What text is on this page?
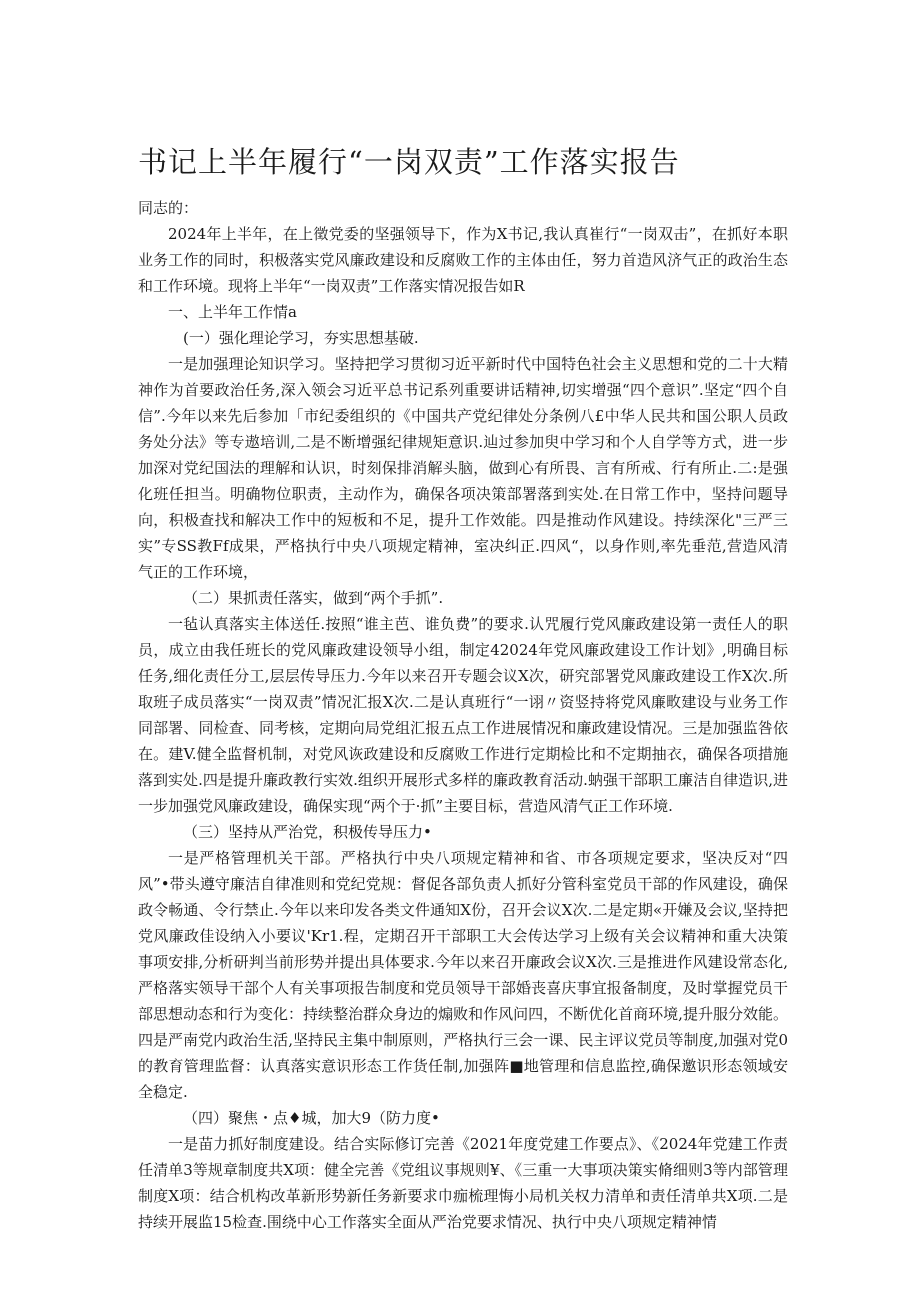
书记上半年履行“一岗双责”工作落实报告

同志的：

2024年上半年，在上徵党委的坚强领导下，作为X书记,我认真崔行“一岗双击”，在抓好本职业务工作的同时，积极落实党风廉政建设和反腐败工作的主体由任，努力首造风济气正的政治生态和工作环境。现将上半年“一岗双责”工作落实情况报告如R

一、上半年工作情a

(一）强化理论学习，夯实思想基破.

一是加强理论知识学习。坚持把学习贯彻习近平新时代中国特色社会主义思想和党的二十大精神作为首要政治任务,深入领会习近平总书记系列重要讲话精神,切实增强“四个意识”.坚定“四个自信”.今年以来先后参加「市纪委组织的《中国共产党纪律处分条例八£中华人民共和国公职人员政务处分法》等专遨培训,二是不断增强纪律规矩意识.辿过参加臾中学习和个人自学等方式，进一步加深对党纪国法的理解和认识，时刻保排消解头脑，做到心有所畏、言有所戒、行有所止.二:是强化班任担当。明确物位职责，主动作为，确保各项决策部署落到实处.在日常工作中，坚持问题导向，积极查找和解决工作中的短板和不足，提升工作效能。四是推动作风建设。持续深化"三严三实”专SS教Ff成果，严格执行中央八项规定精神，室决纠正.四风“，以身作则,率先垂范,营造风清气正的工作环境，

（二）果抓责任落实，做到“两个手抓”.

一毡认真落实主体送任.按照“谁主芭、谁负费”的要求.认咒履行党风廉政建设第一责任人的职员，成立由我任班长的党风廉政建设领导小组，制定42024年党风廉政建设工作计划》,明确目标任务,细化责任分工,层层传导压力.今年以来召开专题会议X次，研究部署党风廉政建设工作X次.所取班子成员落实“一岗双责”情况汇报X次.二是认真班行“一诩〃资竖持将党风廉畋建设与业务工作同部署、同检查、同考核，定期向局党组汇报五点工作进展情况和廉政建设情况。三是加强监咎依在。建V.健全监督机制，对党风诙政建设和反腐败工作进行定期检比和不定期抽衣，确保各项措施落到实处.四是提升廉政教行实效.组织开展形式多样的廉政教育活动.蚋强干部职工廉洁自律造识,进一步加强党风廉政建设，确保实现“两个于·抓”主要目标，营造风清气正工作环境.

（三）坚持从严治党，积极传导压力•

一是严格管理机关干部。严格执行中央八项规定精神和省、市各项规定要求，坚决反对“四风”•带头遵守廉洁自律准则和党纪党规：督促各部负责人抓好分管科室党员干部的作风建设，确保政令畅通、令行禁止.今年以来印发各类文件通知X份，召开会议X次.二是定期«开嫌及会议,坚持把党风廉政佳设纳入小要议'Kr1.程，定期召开干部职工大会传达学习上级有关会议精神和重大决策事项安排,分析研判当前形势并提出具体要求.今年以来召开廉政会议X次.三是推进作风建设常态化,严格落实领导干部个人有关事项报告制度和党员领导干部婚丧喜庆事宜报备制度，及时掌握党员干部思想动态和行为变化：持续整治群众身边的煽败和作风问四，不断优化首商环境,提升服分效能。四是严南党内政治生活,坚持民主集中制原则，严格执行三会一课、民主评议党员等制度,加强对党0的教育管理监督：认真落实意识形态工作货任制,加强阵■地管理和信息监控,确保邀识形态领域安全稳定.

（四）聚焦・点♦城，加大9（防力度•

一是苗力抓好制度建设。结合实际修订完善《2021年度党建工作要点》、《2024年党建工作责任清单3等规章制度共X项：健全完善《党组议事规则¥、《三重一大事项决策实脩细则3等内部管理制度X项：结合机构改革新形势新任务新要求巾痂梳理悔小局机关权力清单和责任清单共X项.二是持续开展监15检查.围绕中心工作落实全面从严治党要求情况、执行中央八项规定精神情
